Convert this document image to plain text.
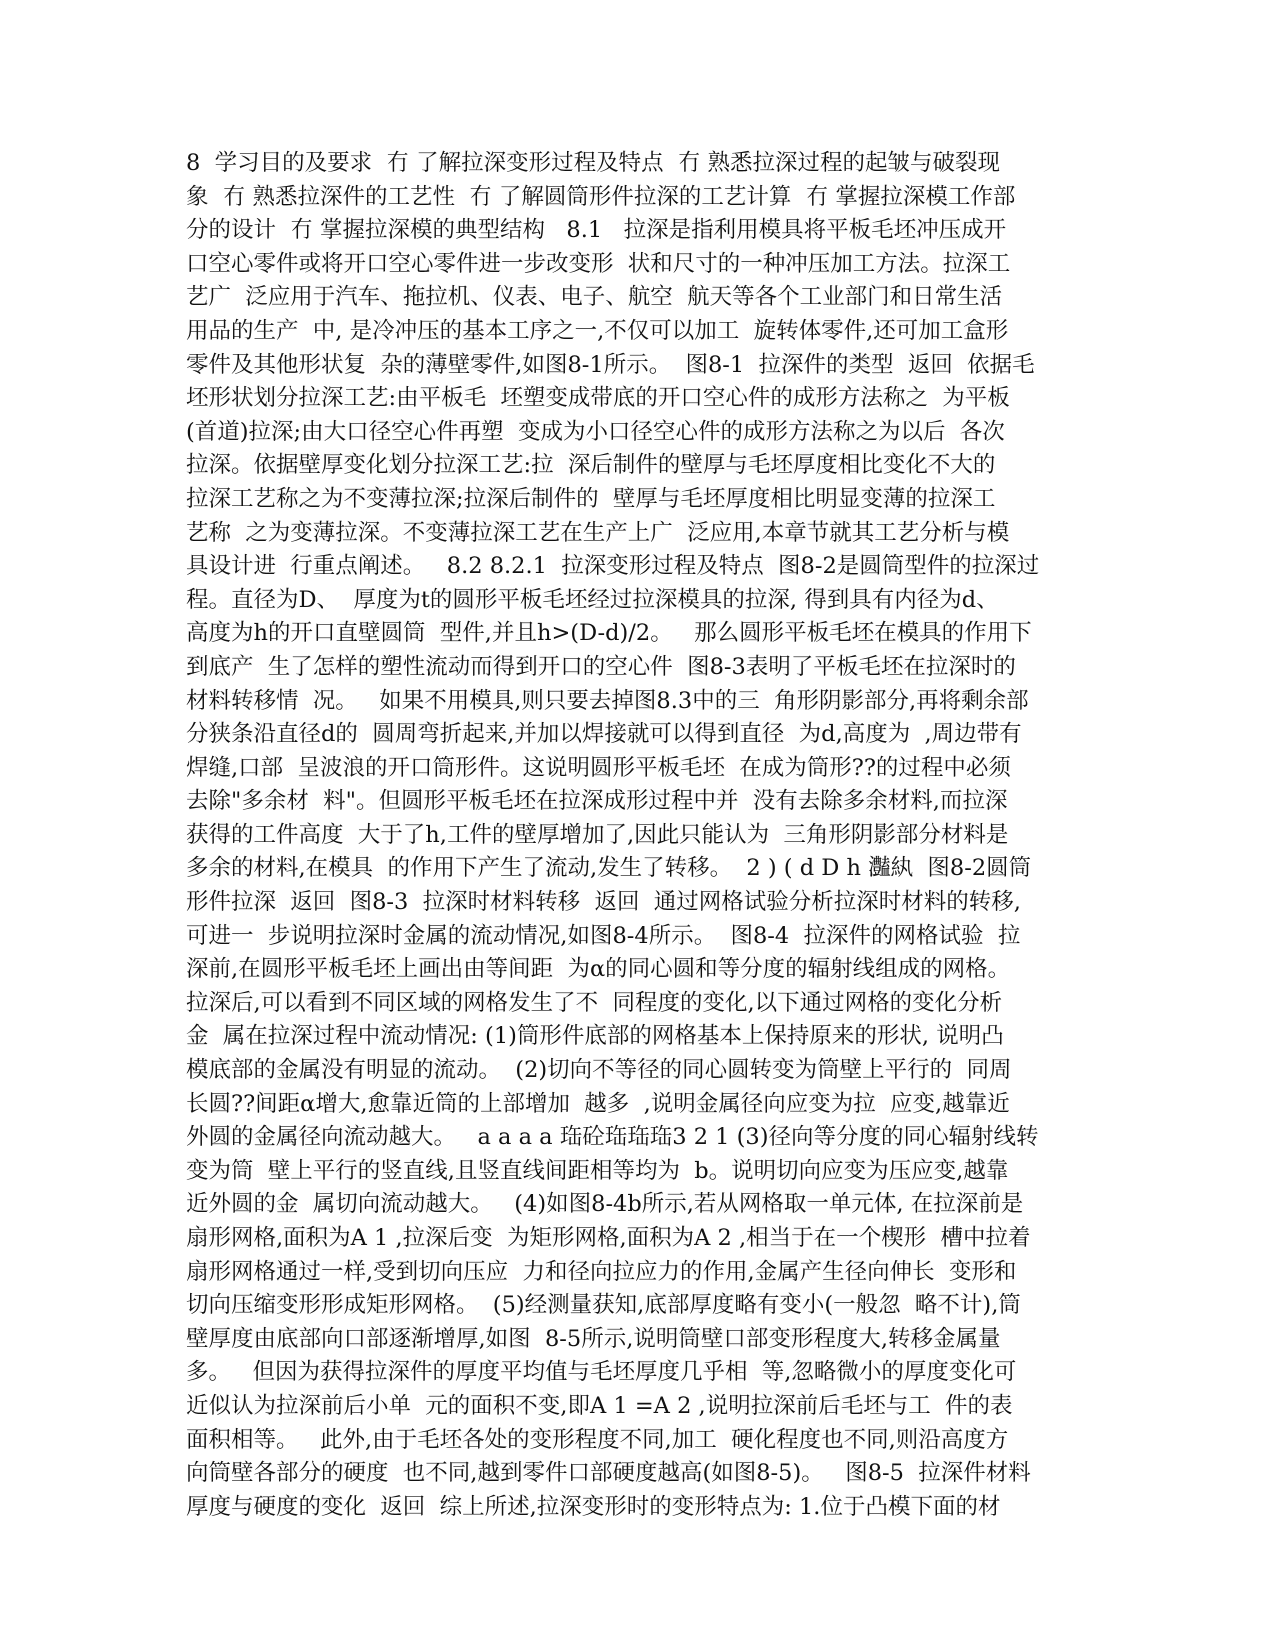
8  学习目的及要求  冇 了解拉深变形过程及特点  冇 熟悉拉深过程的起皱与破裂现
象  冇 熟悉拉深件的工艺性  冇 了解圆筒形件拉深的工艺计算  冇 掌握拉深模工作部
分的设计  冇 掌握拉深模的典型结构   8.1   拉深是指利用模具将平板毛坯冲压成开
口空心零件或将开口空心零件进一步改变形  状和尺寸的一种冲压加工方法。拉深工
艺广  泛应用于汽车、拖拉机、仪表、电子、航空  航天等各个工业部门和日常生活
用品的生产  中, 是冷冲压的基本工序之一,不仅可以加工  旋转体零件,还可加工盒形
零件及其他形状复  杂的薄壁零件,如图8-1所示。  图8-1  拉深件的类型  返回  依据毛
坯形状划分拉深工艺:由平板毛  坯塑变成带底的开口空心件的成形方法称之  为平板
(首道)拉深;由大口径空心件再塑  变成为小口径空心件的成形方法称之为以后  各次
拉深。依据壁厚变化划分拉深工艺:拉  深后制件的壁厚与毛坯厚度相比变化不大的
拉深工艺称之为不变薄拉深;拉深后制件的  壁厚与毛坯厚度相比明显变薄的拉深工
艺称  之为变薄拉深。不变薄拉深工艺在生产上广  泛应用,本章节就其工艺分析与模
具设计进  行重点阐述。   8.2 8.2.1  拉深变形过程及特点  图8-2是圆筒型件的拉深过
程。直径为D、  厚度为t的圆形平板毛坯经过拉深模具的拉深, 得到具有内径为d、
高度为h的开口直壁圆筒  型件,并且h>(D-d)/2。   那么圆形平板毛坯在模具的作用下
到底产  生了怎样的塑性流动而得到开口的空心件  图8-3表明了平板毛坯在拉深时的
材料转移情  况。   如果不用模具,则只要去掉图8.3中的三  角形阴影部分,再将剩余部
分狭条沿直径d的  圆周弯折起来,并加以焊接就可以得到直径  为d,高度为  ,周边带有
焊缝,口部  呈波浪的开口筒形件。这说明圆形平板毛坯  在成为筒形??的过程中必须
去除"多余材  料"。但圆形平板毛坯在拉深成形过程中并  没有去除多余材料,而拉深
获得的工件高度  大于了h,工件的壁厚增加了,因此只能认为  三角形阴影部分材料是
多余的材料,在模具  的作用下产生了流动,发生了转移。  2 ) ( d D h 灎紈  图8-2圆筒
形件拉深  返回  图8-3  拉深时材料转移  返回  通过网格试验分析拉深时材料的转移,
可进一  步说明拉深时金属的流动情况,如图8-4所示。  图8-4  拉深件的网格试验  拉
深前,在圆形平板毛坯上画出由等间距  为α的同心圆和等分度的辐射线组成的网格。
拉深后,可以看到不同区域的网格发生了不  同程度的变化,以下通过网格的变化分析
金  属在拉深过程中流动情况: (1)筒形件底部的网格基本上保持原来的形状, 说明凸
模底部的金属没有明显的流动。  (2)切向不等径的同心圆转变为筒壁上平行的  同周
长圆??间距α增大,愈靠近筒的上部增加  越多  ,说明金属径向应变为拉  应变,越靠近
外圆的金属径向流动越大。   a a a a 珤砼珤珤珤3 2 1 (3)径向等分度的同心辐射线转
变为筒  壁上平行的竖直线,且竖直线间距相等均为  b。说明切向应变为压应变,越靠
近外圆的金  属切向流动越大。   (4)如图8-4b所示,若从网格取一单元体, 在拉深前是
扇形网格,面积为A 1 ,拉深后变  为矩形网格,面积为A 2 ,相当于在一个楔形  槽中拉着
扇形网格通过一样,受到切向压应  力和径向拉应力的作用,金属产生径向伸长  变形和
切向压缩变形形成矩形网格。  (5)经测量获知,底部厚度略有变小(一般忽  略不计),筒
壁厚度由底部向口部逐渐增厚,如图  8-5所示,说明筒壁口部变形程度大,转移金属量
多。   但因为获得拉深件的厚度平均值与毛坯厚度几乎相  等,忽略微小的厚度变化可
近似认为拉深前后小单  元的面积不变,即A 1 =A 2 ,说明拉深前后毛坯与工  件的表
面积相等。   此外,由于毛坯各处的变形程度不同,加工  硬化程度也不同,则沿高度方
向筒壁各部分的硬度  也不同,越到零件口部硬度越高(如图8-5)。   图8-5  拉深件材料
厚度与硬度的变化  返回  综上所述,拉深变形时的变形特点为: 1.位于凸模下面的材
